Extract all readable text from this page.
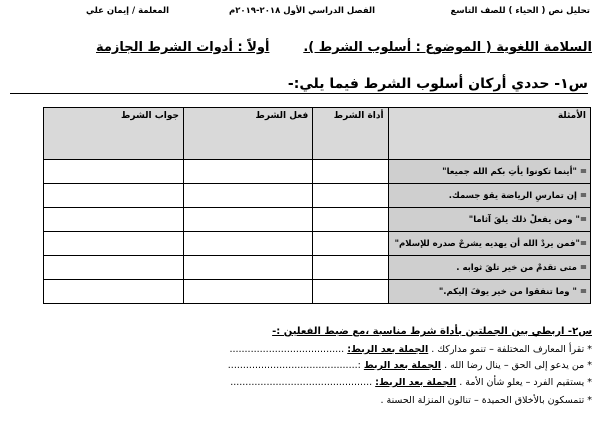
تحليل نص ( الحياء ) للصف التاسع
الفصل الدراسي الأول ٢٠١٨-٢٠١٩م
المعلمة / إيمان علي
السلامة اللغوية ( الموضوع : أسلوب الشرط ).
أولاً : أدوات الشرط الجازمة
س١- حددي أركان أسلوب الشرط فيما يلي:-
الأمثلة	أداة الشرط	فعل الشرط	جواب الشرط
= "أينما تكونوا يأتِ بكم الله جميعا"			
= إن تمارسِ الرياضة يقوَ جسمك.			
=" ومن يفعلْ ذلك يلقَ آثاما"			
="فمن يردْ الله أن يهديه يشرحْ صدره للإسلام"			
= متى تقدمْ من خير تلقَ ثوابه .			
= " وما تنفقوا من خير يوفَ إليكم."			
س٢- اربطي بين الجملتين بأداة شرط مناسبة ،مع ضبط الفعلين :-
* تقرأ المعارف المختلفة – تنمو مداركك . الجملة بعد الربط: ......................................
* من يدعو إلى الحق – ينال رضا الله . الجملة بعد الربط :...........................................
* يستقيم الفرد – يعلو شأن الأمة . الجملة بعد الربط: ...............................................
* تتمسكون بالأخلاق الحميدة – تنالون المنزلة الحسنة .
